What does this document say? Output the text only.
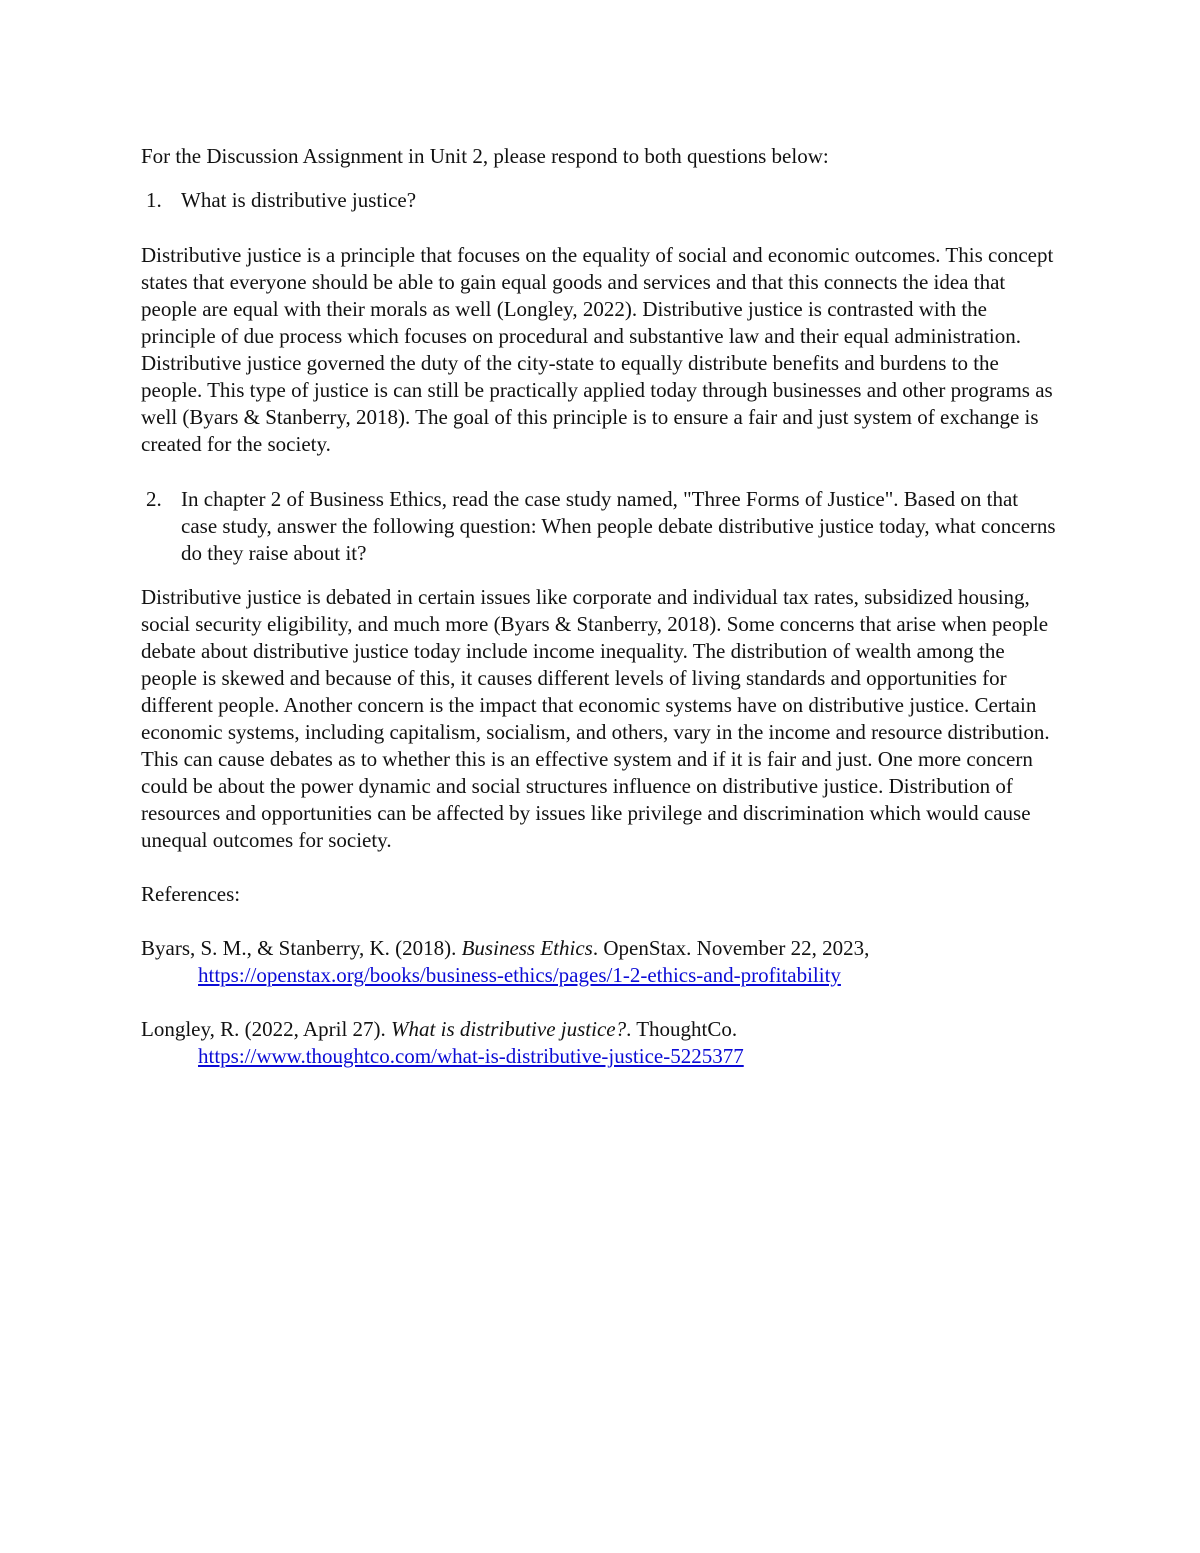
For the Discussion Assignment in Unit 2, please respond to both questions below:

1. What is distributive justice?

Distributive justice is a principle that focuses on the equality of social and economic outcomes. This concept states that everyone should be able to gain equal goods and services and that this connects the idea that people are equal with their morals as well (Longley, 2022). Distributive justice is contrasted with the principle of due process which focuses on procedural and substantive law and their equal administration. Distributive justice governed the duty of the city-state to equally distribute benefits and burdens to the people. This type of justice is can still be practically applied today through businesses and other programs as well (Byars & Stanberry, 2018). The goal of this principle is to ensure a fair and just system of exchange is created for the society.

2. In chapter 2 of Business Ethics, read the case study named, "Three Forms of Justice". Based on that case study, answer the following question: When people debate distributive justice today, what concerns do they raise about it?

Distributive justice is debated in certain issues like corporate and individual tax rates, subsidized housing, social security eligibility, and much more (Byars & Stanberry, 2018). Some concerns that arise when people debate about distributive justice today include income inequality. The distribution of wealth among the people is skewed and because of this, it causes different levels of living standards and opportunities for different people. Another concern is the impact that economic systems have on distributive justice. Certain economic systems, including capitalism, socialism, and others, vary in the income and resource distribution. This can cause debates as to whether this is an effective system and if it is fair and just. One more concern could be about the power dynamic and social structures influence on distributive justice. Distribution of resources and opportunities can be affected by issues like privilege and discrimination which would cause unequal outcomes for society.

References:

Byars, S. M., & Stanberry, K. (2018). Business Ethics. OpenStax. November 22, 2023,
https://openstax.org/books/business-ethics/pages/1-2-ethics-and-profitability

Longley, R. (2022, April 27). What is distributive justice?. ThoughtCo.
https://www.thoughtco.com/what-is-distributive-justice-5225377
